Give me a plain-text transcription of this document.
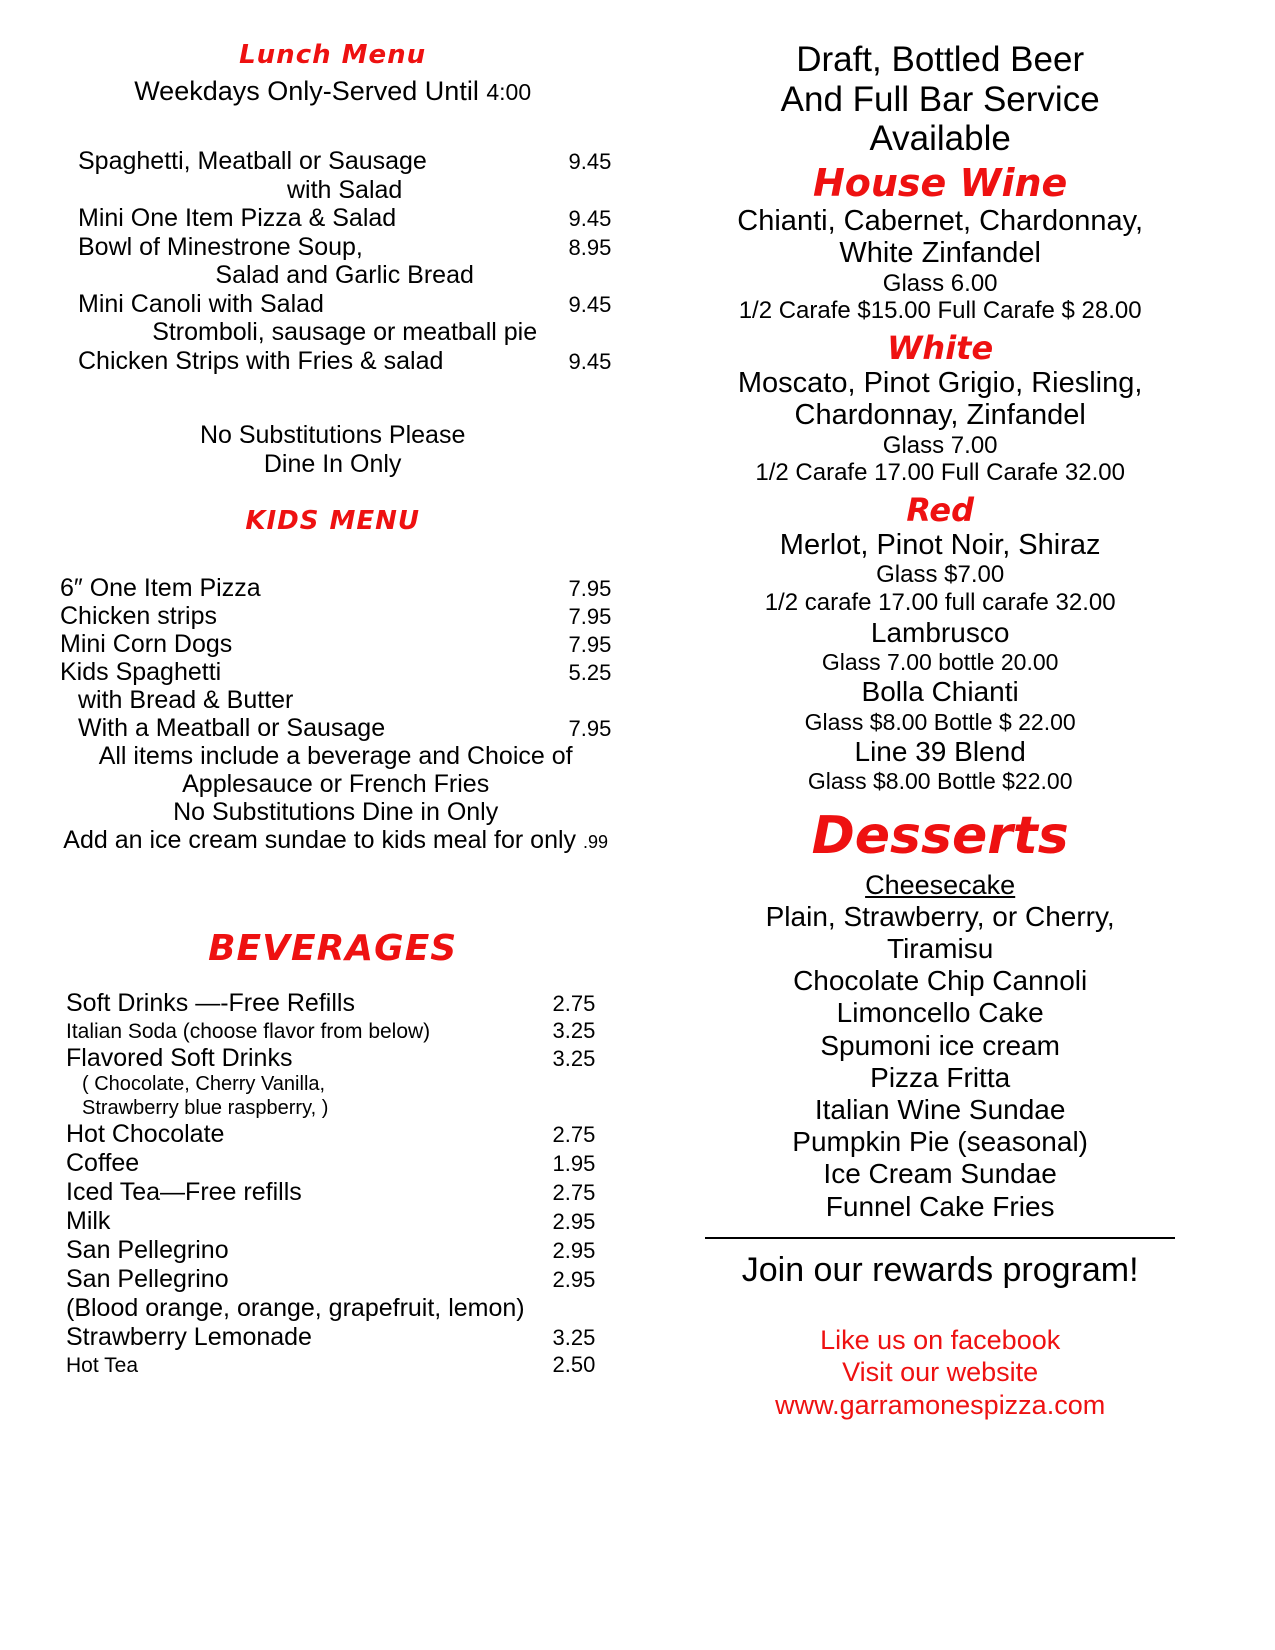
Lunch Menu
Weekdays Only-Served Until 4:00
Spaghetti, Meatball or Sausage	9.45
with Salad
Mini One Item Pizza & Salad	9.45
Bowl of Minestrone Soup,	8.95
Salad and Garlic Bread
Mini Canoli with Salad	9.45
Stromboli, sausage or meatball pie
Chicken Strips with Fries & salad	9.45
No Substitutions Please
Dine In Only
KIDS MENU
6″ One Item Pizza	7.95
Chicken strips	7.95
Mini Corn Dogs	7.95
Kids Spaghetti	5.25
with Bread & Butter
With a Meatball or Sausage	7.95
All items include a beverage and Choice of
Applesauce or French Fries
No Substitutions Dine in Only
Add an ice cream sundae to kids meal for only .99
BEVERAGES
Soft Drinks —-Free Refills	2.75
Italian Soda (choose flavor from below)	3.25
Flavored Soft Drinks	3.25
( Chocolate, Cherry Vanilla,
Strawberry blue raspberry, )
Hot Chocolate	2.75
Coffee	1.95
Iced Tea—Free refills	2.75
Milk	2.95
San Pellegrino	2.95
San Pellegrino	2.95
(Blood orange, orange, grapefruit, lemon)
Strawberry Lemonade	3.25
Hot Tea	2.50
Draft, Bottled Beer
And Full Bar Service
Available
House Wine
Chianti, Cabernet, Chardonnay,
White Zinfandel
Glass 6.00
1/2 Carafe $15.00 Full Carafe $ 28.00
White
Moscato, Pinot Grigio, Riesling,
Chardonnay, Zinfandel
Glass 7.00
1/2 Carafe 17.00 Full Carafe 32.00
Red
Merlot, Pinot Noir, Shiraz
Glass $7.00
1/2 carafe 17.00 full carafe 32.00
Lambrusco
Glass 7.00 bottle 20.00
Bolla Chianti
Glass $8.00 Bottle $ 22.00
Line 39 Blend
Glass $8.00 Bottle $22.00
Desserts
Cheesecake
Plain, Strawberry, or Cherry,
Tiramisu
Chocolate Chip Cannoli
Limoncello Cake
Spumoni ice cream
Pizza Fritta
Italian Wine Sundae
Pumpkin Pie (seasonal)
Ice Cream Sundae
Funnel Cake Fries
Join our rewards program!
Like us on facebook
Visit our website
www.garramonespizza.com
